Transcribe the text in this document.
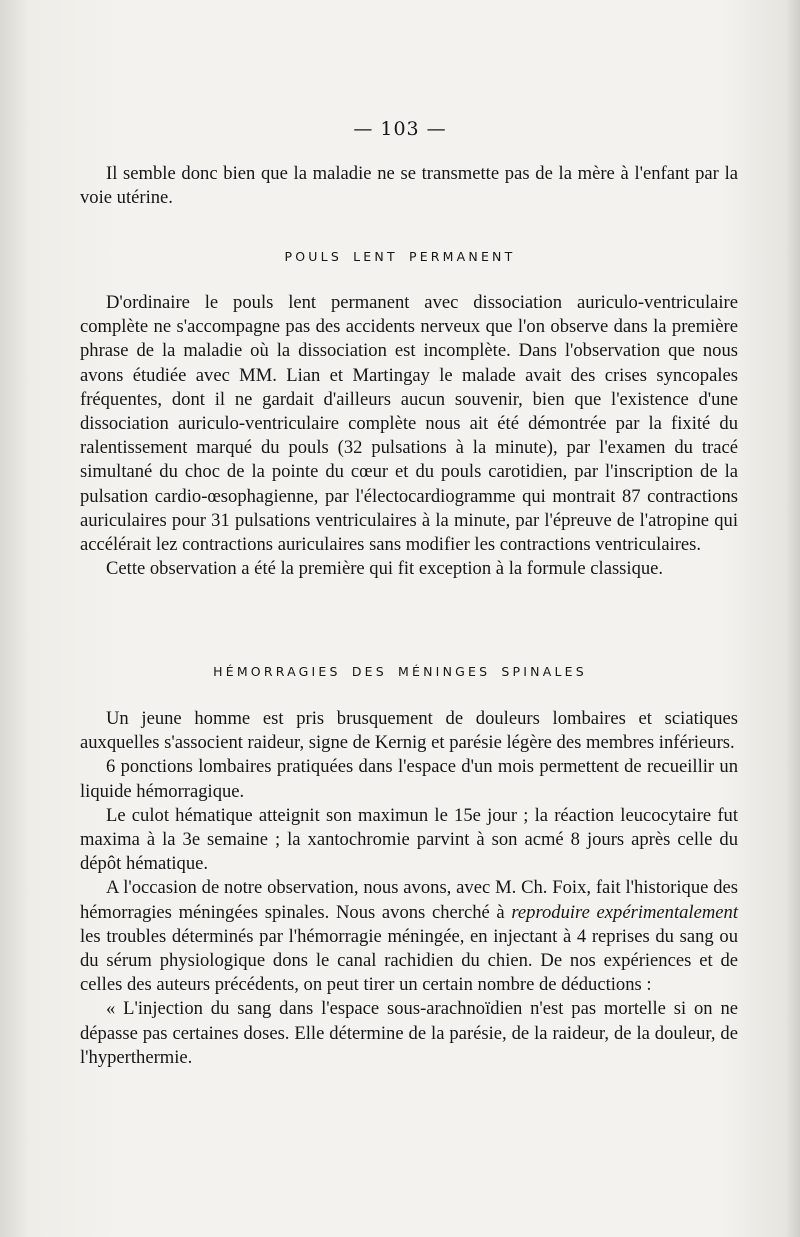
— 103 —

Il semble donc bien que la maladie ne se transmette pas de la mère à l'enfant par la voie utérine.

POULS LENT PERMANENT

D'ordinaire le pouls lent permanent avec dissociation auriculo-ventriculaire complète ne s'accompagne pas des accidents nerveux que l'on observe dans la première phrase de la maladie où la dissociation est incomplète. Dans l'observation que nous avons étudiée avec MM. Lian et Martingay le malade avait des crises syncopales fréquentes, dont il ne gardait d'ailleurs aucun souvenir, bien que l'existence d'une dissociation auriculo-ventriculaire complète nous ait été démontrée par la fixité du ralentissement marqué du pouls (32 pulsations à la minute), par l'examen du tracé simultané du choc de la pointe du cœur et du pouls carotidien, par l'inscription de la pulsation cardio-œsophagienne, par l'électocardiogramme qui montrait 87 contractions auriculaires pour 31 pulsations ventriculaires à la minute, par l'épreuve de l'atropine qui accélérait lez contractions auriculaires sans modifier les contractions ventriculaires.

Cette observation a été la première qui fit exception à la formule classique.

HÉMORRAGIES DES MÉNINGES SPINALES

Un jeune homme est pris brusquement de douleurs lombaires et sciatiques auxquelles s'associent raideur, signe de Kernig et parésie légère des membres inférieurs.

6 ponctions lombaires pratiquées dans l'espace d'un mois permettent de recueillir un liquide hémorragique.

Le culot hématique atteignit son maximun le 15e jour ; la réaction leucocytaire fut maxima à la 3e semaine ; la xantochromie parvint à son acmé 8 jours après celle du dépôt hématique.

A l'occasion de notre observation, nous avons, avec M. Ch. Foix, fait l'historique des hémorragies méningées spinales. Nous avons cherché à reproduire expérimentalement les troubles déterminés par l'hémorragie méningée, en injectant à 4 reprises du sang ou du sérum physiologique dons le canal rachidien du chien. De nos expériences et de celles des auteurs précédents, on peut tirer un certain nombre de déductions :

« L'injection du sang dans l'espace sous-arachnoïdien n'est pas mortelle si on ne dépasse pas certaines doses. Elle détermine de la parésie, de la raideur, de la douleur, de l'hyperthermie.
